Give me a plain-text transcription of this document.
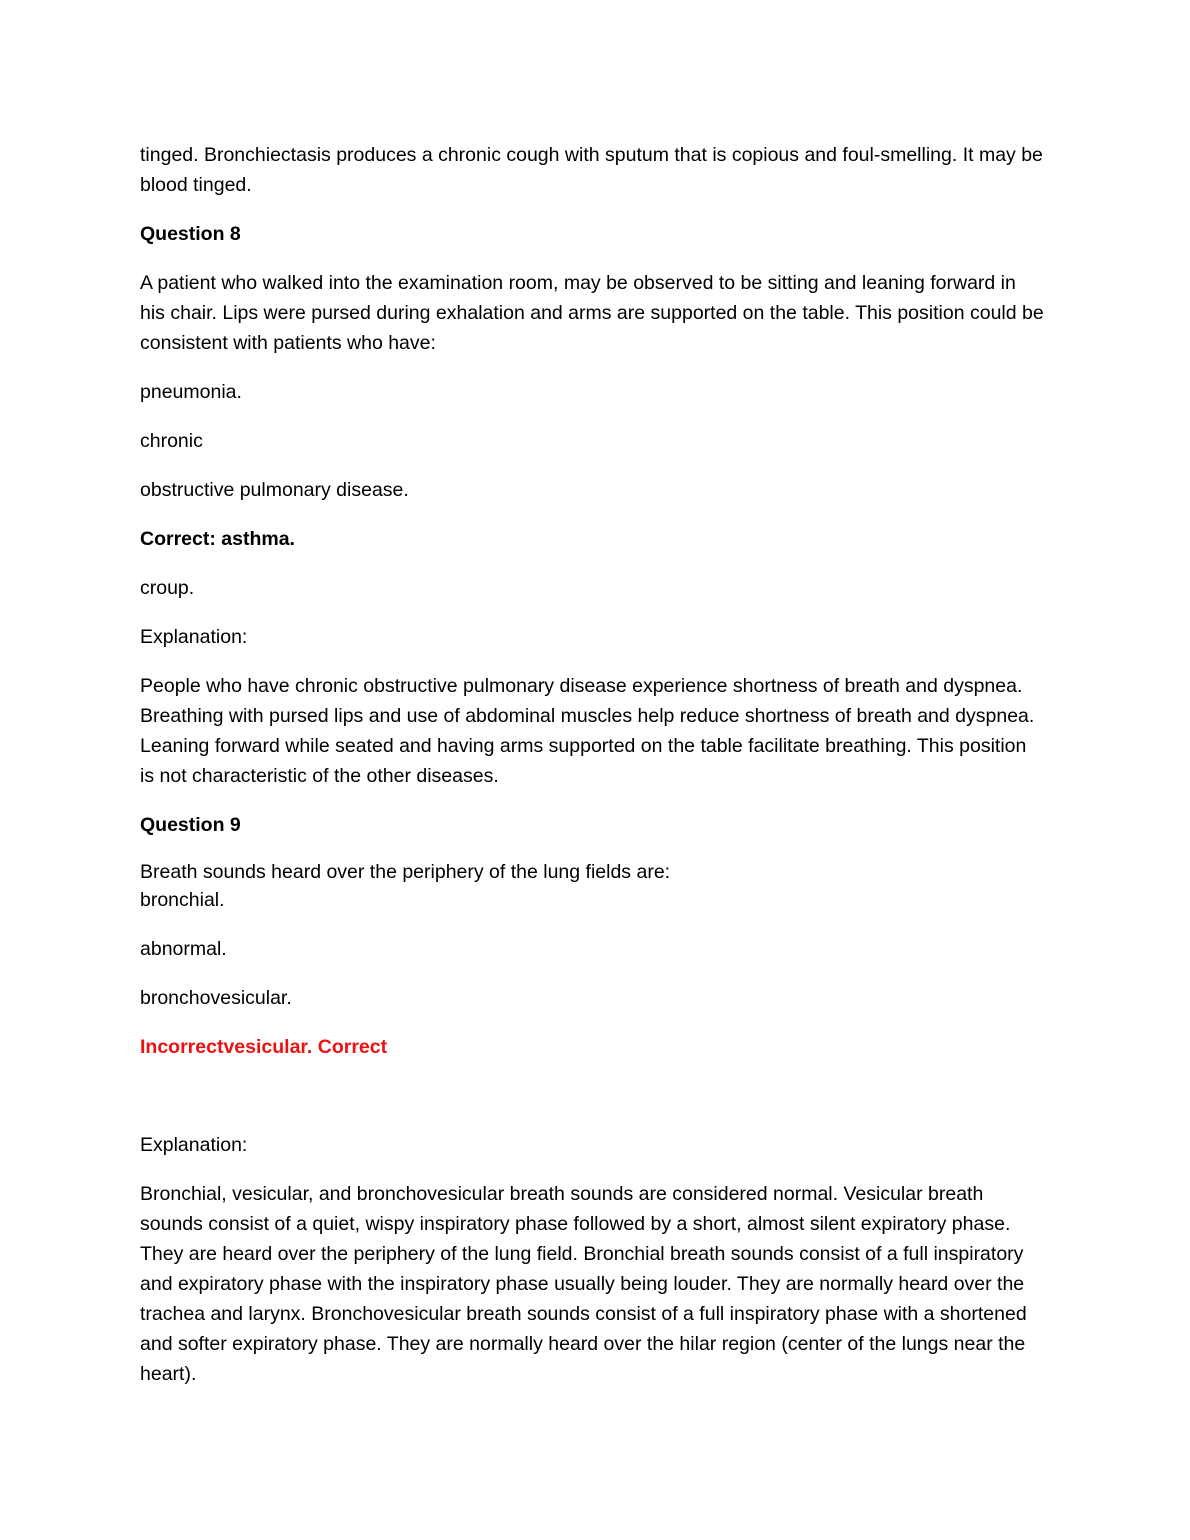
tinged. Bronchiectasis produces a chronic cough with sputum that is copious and foul-smelling. It may be blood tinged.

Question 8

A patient who walked into the examination room, may be observed to be sitting and leaning forward in his chair. Lips were pursed during exhalation and arms are supported on the table. This position could be consistent with patients who have:

pneumonia.

chronic

obstructive pulmonary disease.

Correct: asthma.

croup.

Explanation:

People who have chronic obstructive pulmonary disease experience shortness of breath and dyspnea. Breathing with pursed lips and use of abdominal muscles help reduce shortness of breath and dyspnea. Leaning forward while seated and having arms supported on the table facilitate breathing. This position is not characteristic of the other diseases.

Question 9

Breath sounds heard over the periphery of the lung fields are:

bronchial.

abnormal.

bronchovesicular.

Incorrectvesicular. Correct

Explanation:

Bronchial, vesicular, and bronchovesicular breath sounds are considered normal. Vesicular breath sounds consist of a quiet, wispy inspiratory phase followed by a short, almost silent expiratory phase. They are heard over the periphery of the lung field. Bronchial breath sounds consist of a full inspiratory and expiratory phase with the inspiratory phase usually being louder. They are normally heard over the trachea and larynx. Bronchovesicular breath sounds consist of a full inspiratory phase with a shortened and softer expiratory phase. They are normally heard over the hilar region (center of the lungs near the heart).
